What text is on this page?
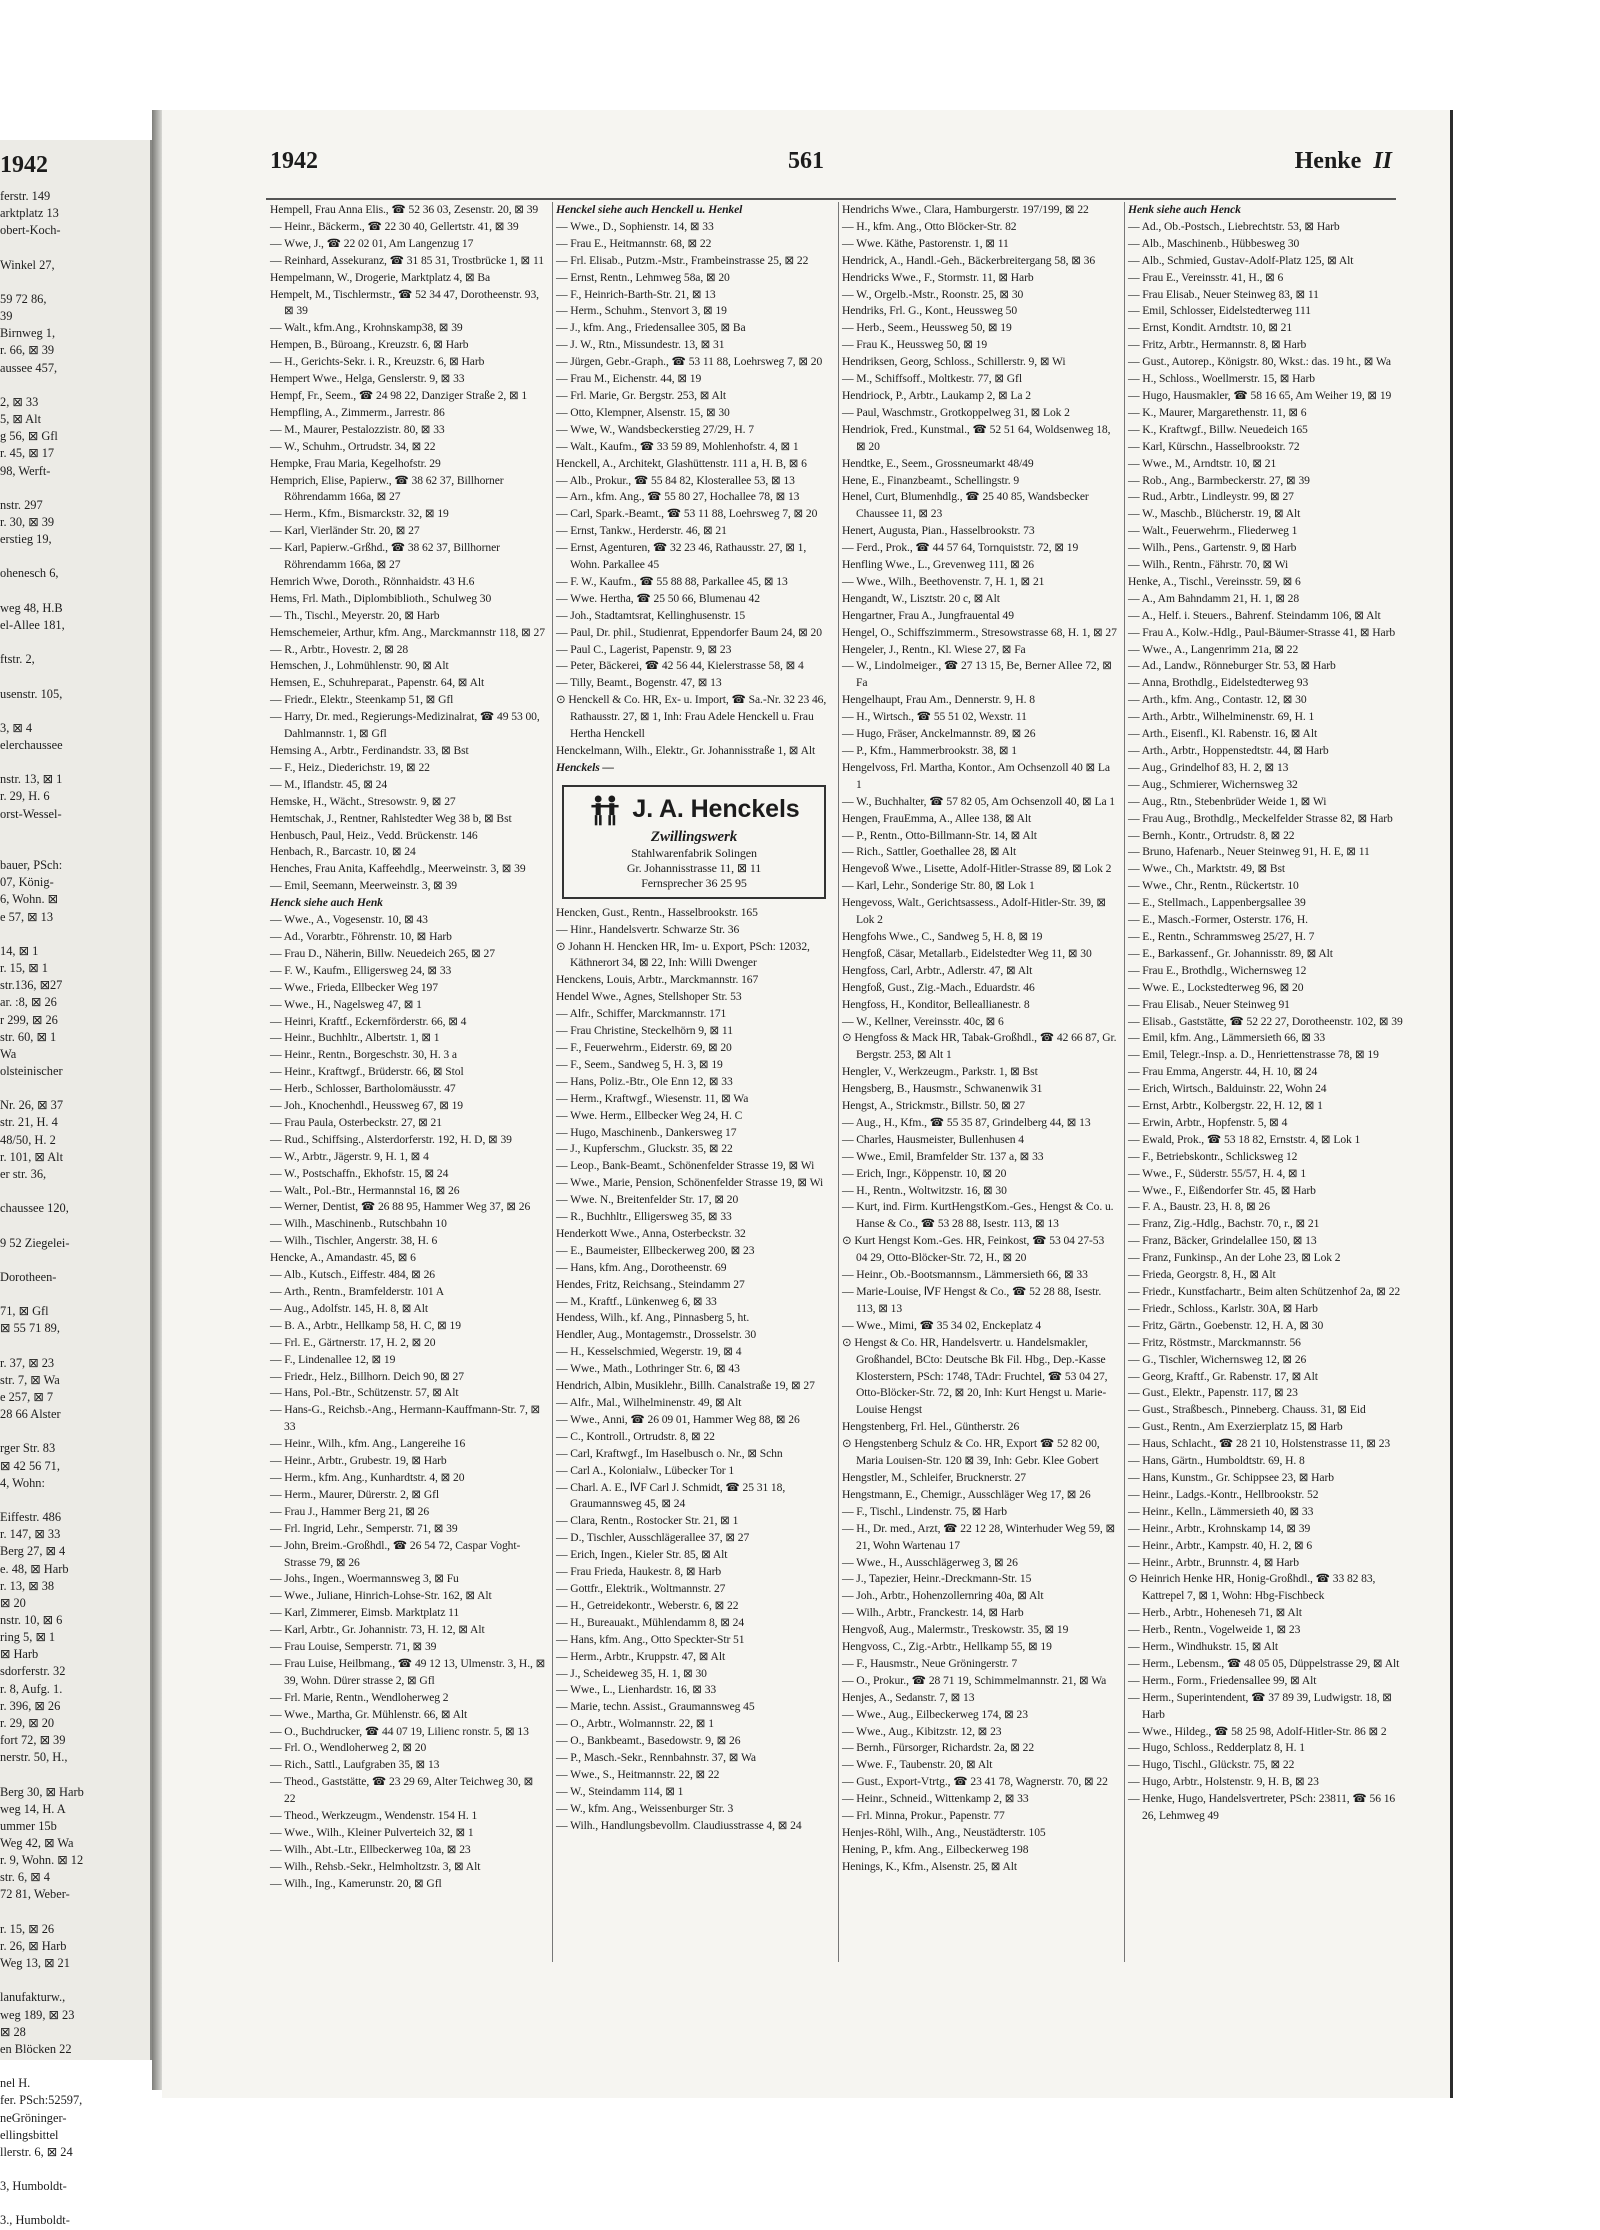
1942
ferstr. 149
arktplatz 13
obert-Koch-

Winkel 27,

59 72 86,
39
Birnweg 1,
r. 66, ⊠ 39
aussee 457,

2, ⊠ 33
5, ⊠ Alt
g 56, ⊠ Gfl
r. 45, ⊠ 17
98, Werft-

nstr. 297
r. 30, ⊠ 39
erstieg 19,

ohenesch 6,

weg 48, H.B
el-Allee 181,

ftstr. 2,

usenstr. 105,

3, ⊠ 4
elerchaussee

nstr. 13, ⊠ 1
r. 29, H. 6
orst-Wessel-

bauer, PSch:
07, König-
6, Wohn. ⊠
e 57, ⊠ 13

14, ⊠ 1
r. 15, ⊠ 1
str.136, ⊠27
ar. :8, ⊠ 26
r 299, ⊠ 26
str. 60, ⊠ 1
Wa
olsteinischer

Nr. 26, ⊠ 37
str. 21, H. 4
48/50, H. 2
r. 101, ⊠ Alt
er str. 36,

chaussee 120,

9 52 Ziegelei-

Dorotheen-

71, ⊠ Gfl
⊠ 55 71 89,

r. 37, ⊠ 23
str. 7, ⊠ Wa
e 257, ⊠ 7
28 66 Alster

rger Str. 83
⊠ 42 56 71,
4, Wohn:

Eiffestr. 486
r. 147, ⊠ 33
Berg 27, ⊠ 4
e. 48, ⊠ Harb
r. 13, ⊠ 38
⊠ 20
nstr. 10, ⊠ 6
ring 5, ⊠ 1
⊠ Harb
sdorferstr. 32
r. 8, Aufg. 1.
r. 396, ⊠ 26
r. 29, ⊠ 20
fort 72, ⊠ 39
nerstr. 50, H.,

Berg 30, ⊠ Harb
weg 14, H. A
ummer 15b
Weg 42, ⊠ Wa
r. 9, Wohn. ⊠ 12
str. 6, ⊠ 4
72 81, Weber-

r. 15, ⊠ 26
r. 26, ⊠ Harb
Weg 13, ⊠ 21

lanufakturw.,
weg 189, ⊠ 23
⊠ 28
en Blöcken 22

nel H.
fer. PSch:52597,
neGröninger-
ellingsbittel
llerstr. 6, ⊠ 24

3, Humboldt-

3., Humboldt-
1942	561	Henke II

Hempell, Frau Anna Elis., ☎ 52 36 03, Zesenstr. 20, ⊠ 39

— Heinr., Bäckerm., ☎ 22 30 40, Gellertstr. 41, ⊠ 39

— Wwe, J., ☎ 22 02 01, Am Langenzug 17

— Reinhard, Assekuranz, ☎ 31 85 31, Trostbrücke 1, ⊠ 11

Hempelmann, W., Drogerie, Marktplatz 4, ⊠ Ba

Hempelt, M., Tischlermstr., ☎ 52 34 47, Dorotheenstr. 93, ⊠ 39

— Walt., kfm.Ang., Krohnskamp38, ⊠ 39

Hempen, B., Büroang., Kreuzstr. 6, ⊠ Harb

— H., Gerichts-Sekr. i. R., Kreuzstr. 6, ⊠ Harb

Hempert Wwe., Helga, Genslerstr. 9, ⊠ 33

Hempf, Fr., Seem., ☎ 24 98 22, Danziger Straße 2, ⊠ 1

Hempfling, A., Zimmerm., Jarrestr. 86

— M., Maurer, Pestalozzistr. 80, ⊠ 33

— W., Schuhm., Ortrudstr. 34, ⊠ 22

Hempke, Frau Maria, Kegelhofstr. 29

Hemprich, Elise, Papierw., ☎ 38 62 37, Billhorner Röhrendamm 166a, ⊠ 27

— Herm., Kfm., Bismarckstr. 32, ⊠ 19

— Karl, Vierländer Str. 20, ⊠ 27

— Karl, Papierw.-Grßhd., ☎ 38 62 37, Billhorner Röhrendamm 166a, ⊠ 27

Hemrich Wwe, Doroth., Rönnhaidstr. 43 H.6

Hems, Frl. Math., Diplombiblioth., Schulweg 30

— Th., Tischl., Meyerstr. 20, ⊠ Harb

Hemschemeier, Arthur, kfm. Ang., Marckmannstr 118, ⊠ 27

— R., Arbtr., Hovestr. 2, ⊠ 28

Hemschen, J., Lohmühlenstr. 90, ⊠ Alt

Hemsen, E., Schuhreparat., Papenstr. 64, ⊠ Alt

— Friedr., Elektr., Steenkamp 51, ⊠ Gfl

— Harry, Dr. med., Regierungs-Medizinalrat, ☎ 49 53 00, Dahlmannstr. 1, ⊠ Gfl

Hemsing A., Arbtr., Ferdinandstr. 33, ⊠ Bst

— F., Heiz., Diederichstr. 19, ⊠ 22

— M., Iflandstr. 45, ⊠ 24

Hemske, H., Wächt., Stresowstr. 9, ⊠ 27

Hemtschak, J., Rentner, Rahlstedter Weg 38 b, ⊠ Bst

Henbusch, Paul, Heiz., Vedd. Brückenstr. 146

Henbach, R., Barcastr. 10, ⊠ 24

Henches, Frau Anita, Kaffeehdlg., Meerweinstr. 3, ⊠ 39

— Emil, Seemann, Meerweinstr. 3, ⊠ 39

Henck siehe auch Henk

— Wwe., A., Vogesenstr. 10, ⊠ 43

— Ad., Vorarbtr., Föhrenstr. 10, ⊠ Harb

— Frau D., Näherin, Billw. Neuedeich 265, ⊠ 27

— F. W., Kaufm., Elligersweg 24, ⊠ 33

— Wwe., Frieda, Ellbecker Weg 197

— Wwe., H., Nagelsweg 47, ⊠ 1

— Heinri, Kraftf., Eckernförderstr. 66, ⊠ 4

— Heinr., Buchhltr., Albertstr. 1, ⊠ 1

— Heinr., Rentn., Borgeschstr. 30, H. 3 a

— Heinr., Kraftwgf., Brüderstr. 66, ⊠ Stol

— Herb., Schlosser, Bartholomäusstr. 47

— Joh., Knochenhdl., Heussweg 67, ⊠ 19

— Frau Paula, Osterbeckstr. 27, ⊠ 21

— Rud., Schiffsing., Alsterdorferstr. 192, H. D, ⊠ 39

— W., Arbtr., Jägerstr. 9, H. 1, ⊠ 4

— W., Postschaffn., Ekhofstr. 15, ⊠ 24

— Walt., Pol.-Btr., Hermannstal 16, ⊠ 26

— Werner, Dentist, ☎ 26 88 95, Hammer Weg 37, ⊠ 26

— Wilh., Maschinenb., Rutschbahn 10

— Wilh., Tischler, Angerstr. 38, H. 6

Hencke, A., Amandastr. 45, ⊠ 6

— Alb., Kutsch., Eiffestr. 484, ⊠ 26

— Arth., Rentn., Bramfelderstr. 101 A

— Aug., Adolfstr. 145, H. 8, ⊠ Alt

— B. A., Arbtr., Hellkamp 58, H. C, ⊠ 19

— Frl. E., Gärtnerstr. 17, H. 2, ⊠ 20

— F., Lindenallee 12, ⊠ 19

— Friedr., Helz., Billhorn. Deich 90, ⊠ 27

— Hans, Pol.-Btr., Schützenstr. 57, ⊠ Alt

— Hans-G., Reichsb.-Ang., Hermann-Kauffmann-Str. 7, ⊠ 33

— Heinr., Wilh., kfm. Ang., Langereihe 16

— Heinr., Arbtr., Grubestr. 19, ⊠ Harb

— Herm., kfm. Ang., Kunhardtstr. 4, ⊠ 20

— Herm., Maurer, Dürerstr. 2, ⊠ Gfl

— Frau J., Hammer Berg 21, ⊠ 26

— Frl. Ingrid, Lehr., Semperstr. 71, ⊠ 39

— John, Breim.-Großhdl., ☎ 26 54 72, Caspar Voght-Strasse 79, ⊠ 26

— Johs., Ingen., Woermannsweg 3, ⊠ Fu

— Wwe., Juliane, Hinrich-Lohse-Str. 162, ⊠ Alt

— Karl, Zimmerer, Eimsb. Marktplatz 11

— Karl, Arbtr., Gr. Johannistr. 73, H. 12, ⊠ Alt

— Frau Louise, Semperstr. 71, ⊠ 39

— Frau Luise, Heilbmang., ☎ 49 12 13, Ulmenstr. 3, H., ⊠ 39, Wohn. Dürer strasse 2, ⊠ Gfl

— Frl. Marie, Rentn., Wendloherweg 2

— Wwe., Martha, Gr. Mühlenstr. 66, ⊠ Alt

— O., Buchdrucker, ☎ 44 07 19, Lilienc ronstr. 5, ⊠ 13

— Frl. O., Wendloherweg 2, ⊠ 20

— Rich., Sattl., Laufgraben 35, ⊠ 13

— Theod., Gaststätte, ☎ 23 29 69, Alter Teichweg 30, ⊠ 22

— Theod., Werkzeugm., Wendenstr. 154 H. 1

— Wwe., Wilh., Kleiner Pulverteich 32, ⊠ 1

— Wilh., Abt.-Ltr., Ellbeckerweg 10a, ⊠ 23

— Wilh., Rehsb.-Sekr., Helmholtzstr. 3, ⊠ Alt

— Wilh., Ing., Kamerunstr. 20, ⊠ Gfl

Henckel siehe auch Henckell u. Henkel

— Wwe., D., Sophienstr. 14, ⊠ 33

— Frau E., Heitmannstr. 68, ⊠ 22

— Frl. Elisab., Putzm.-Mstr., Frambeinstrasse 25, ⊠ 22

— Ernst, Rentn., Lehmweg 58a, ⊠ 20

— F., Heinrich-Barth-Str. 21, ⊠ 13

— Herm., Schuhm., Stenvort 3, ⊠ 19

— J., kfm. Ang., Friedensallee 305, ⊠ Ba

— J. W., Rtn., Missundestr. 13, ⊠ 31

— Jürgen, Gebr.-Graph., ☎ 53 11 88, Loehrsweg 7, ⊠ 20

— Frau M., Eichenstr. 44, ⊠ 19

— Frl. Marie, Gr. Bergstr. 253, ⊠ Alt

— Otto, Klempner, Alsenstr. 15, ⊠ 30

— Wwe, W., Wandsbeckerstieg 27/29, H. 7

— Walt., Kaufm., ☎ 33 59 89, Mohlenhofstr. 4, ⊠ 1

Henckell, A., Architekt, Glashüttenstr. 111 a, H. B, ⊠ 6

— Alb., Prokur., ☎ 55 84 82, Klosterallee 53, ⊠ 13

— Arn., kfm. Ang., ☎ 55 80 27, Hochallee 78, ⊠ 13

— Carl, Spark.-Beamt., ☎ 53 11 88, Loehrsweg 7, ⊠ 20

— Ernst, Tankw., Herderstr. 46, ⊠ 21

— Ernst, Agenturen, ☎ 32 23 46, Rathausstr. 27, ⊠ 1, Wohn. Parkallee 45

— F. W., Kaufm., ☎ 55 88 88, Parkallee 45, ⊠ 13

— Wwe. Hertha, ☎ 25 50 66, Blumenau 42

— Joh., Stadtamtsrat, Kellinghusenstr. 15

— Paul, Dr. phil., Studienrat, Eppendorfer Baum 24, ⊠ 20

— Paul C., Lagerist, Papenstr. 9, ⊠ 23

— Peter, Bäckerei, ☎ 42 56 44, Kielerstrasse 58, ⊠ 4

— Tilly, Beamt., Bogenstr. 47, ⊠ 13

⊙ Henckell & Co. HR, Ex- u. Import, ☎ Sa.-Nr. 32 23 46, Rathausstr. 27, ⊠ 1, Inh: Frau Adele Henckell u. Frau Hertha Henckell

Henckelmann, Wilh., Elektr., Gr. Johannisstraße 1, ⊠ Alt

Henckels —

J. A. Henckels
Zwillingswerk
Stahlwarenfabrik Solingen
Gr. Johannisstrasse 11, ⊠ 11
Fernsprecher 36 25 95

Hencken, Gust., Rentn., Hasselbrookstr. 165

— Hinr., Handelsvertr. Schwarze Str. 36

⊙ Johann H. Hencken HR, Im- u. Export, PSch: 12032, Käthnerort 34, ⊠ 22, Inh: Willi Dwenger

Henckens, Louis, Arbtr., Marckmannstr. 167

Hendel Wwe., Agnes, Stellshoper Str. 53

— Alfr., Schiffer, Marckmannstr. 171

— Frau Christine, Steckelhörn 9, ⊠ 11

— F., Feuerwehrm., Eiderstr. 69, ⊠ 20

— F., Seem., Sandweg 5, H. 3, ⊠ 19

— Hans, Poliz.-Btr., Ole Enn 12, ⊠ 33

— Herm., Kraftwgf., Wiesenstr. 11, ⊠ Wa

— Wwe. Herm., Ellbecker Weg 24, H. C

— Hugo, Maschinenb., Dankersweg 17

— J., Kupferschm., Gluckstr. 35, ⊠ 22

— Leop., Bank-Beamt., Schönenfelder Strasse 19, ⊠ Wi

— Wwe., Marie, Pension, Schönenfelder Strasse 19, ⊠ Wi

— Wwe. N., Breitenfelder Str. 17, ⊠ 20

— R., Buchhltr., Elligersweg 35, ⊠ 33

Henderkott Wwe., Anna, Osterbeckstr. 32

— E., Baumeister, Ellbeckerweg 200, ⊠ 23

— Hans, kfm. Ang., Dorotheenstr. 69

Hendes, Fritz, Reichsang., Steindamm 27

— M., Kraftf., Lünkenweg 6, ⊠ 33

Hendess, Wilh., kf. Ang., Pinnasberg 5, ht.

Hendler, Aug., Montagemstr., Drosselstr. 30

— H., Kesselschmied, Wegerstr. 19, ⊠ 4

— Wwe., Math., Lothringer Str. 6, ⊠ 43

Hendrich, Albin, Musiklehr., Billh. Canalstraße 19, ⊠ 27

— Alfr., Mal., Wilhelminenstr. 49, ⊠ Alt

— Wwe., Anni, ☎ 26 09 01, Hammer Weg 88, ⊠ 26

— C., Kontroll., Ortrudstr. 8, ⊠ 22

— Carl, Kraftwgf., Im Haselbusch o. Nr., ⊠ Schn

— Carl A., Kolonialw., Lübecker Tor 1

— Charl. A. E., ⅣF Carl J. Schmidt, ☎ 25 31 18, Graumannsweg 45, ⊠ 24

— Clara, Rentn., Rostocker Str. 21, ⊠ 1

— D., Tischler, Ausschlägerallee 37, ⊠ 27

— Erich, Ingen., Kieler Str. 85, ⊠ Alt

— Frau Frieda, Haukestr. 8, ⊠ Harb

— Gottfr., Elektrik., Woltmannstr. 27

— H., Getreidekontr., Weberstr. 6, ⊠ 22

— H., Bureauakt., Mühlendamm 8, ⊠ 24

— Hans, kfm. Ang., Otto Speckter-Str 51

— Herm., Arbtr., Kruppstr. 47, ⊠ Alt

— J., Scheideweg 35, H. 1, ⊠ 30

— Wwe., L., Lienhardstr. 16, ⊠ 33

— Marie, techn. Assist., Graumannsweg 45

— O., Arbtr., Wolmannstr. 22, ⊠ 1

— O., Bankbeamt., Basedowstr. 9, ⊠ 26

— P., Masch.-Sekr., Rennbahnstr. 37, ⊠ Wa

— Wwe., S., Heitmannstr. 22, ⊠ 22

— W., Steindamm 114, ⊠ 1

— W., kfm. Ang., Weissenburger Str. 3

— Wilh., Handlungsbevollm. Claudiusstrasse 4, ⊠ 24

Hendrichs Wwe., Clara, Hamburgerstr. 197/199, ⊠ 22

— H., kfm. Ang., Otto Blöcker-Str. 82

— Wwe. Käthe, Pastorenstr. 1, ⊠ 11

Hendrick, A., Handl.-Geh., Bäckerbreitergang 58, ⊠ 36

Hendricks Wwe., F., Stormstr. 11, ⊠ Harb

— W., Orgelb.-Mstr., Roonstr. 25, ⊠ 30

Hendriks, Frl. G., Kont., Heussweg 50

— Herb., Seem., Heussweg 50, ⊠ 19

— Frau K., Heussweg 50, ⊠ 19

Hendriksen, Georg, Schloss., Schillerstr. 9, ⊠ Wi

— M., Schiffsoff., Moltkestr. 77, ⊠ Gfl

Hendriock, P., Arbtr., Laukamp 2, ⊠ La 2

— Paul, Waschmstr., Grotkoppelweg 31, ⊠ Lok 2

Hendriok, Fred., Kunstmal., ☎ 52 51 64, Woldsenweg 18, ⊠ 20

Hendtke, E., Seem., Grossneumarkt 48/49

Hene, E., Finanzbeamt., Schellingstr. 9

Henel, Curt, Blumenhdlg., ☎ 25 40 85, Wandsbecker Chaussee 11, ⊠ 23

Henert, Augusta, Pian., Hasselbrookstr. 73

— Ferd., Prok., ☎ 44 57 64, Tornquiststr. 72, ⊠ 19

Henfling Wwe., L., Grevenweg 111, ⊠ 26

— Wwe., Wilh., Beethovenstr. 7, H. 1, ⊠ 21

Hengandt, W., Lisztstr. 20 c, ⊠ Alt

Hengartner, Frau A., Jungfrauental 49

Hengel, O., Schiffszimmerm., Stresowstrasse 68, H. 1, ⊠ 27

Hengeler, J., Rentn., Kl. Wiese 27, ⊠ Fa

— W., Lindolmeiger., ☎ 27 13 15, Be, Berner Allee 72, ⊠ Fa

Hengelhaupt, Frau Am., Dennerstr. 9, H. 8

— H., Wirtsch., ☎ 55 51 02, Wexstr. 11

— Hugo, Fräser, Anckelmannstr. 89, ⊠ 26

— P., Kfm., Hammerbrookstr. 38, ⊠ 1

Hengelvoss, Frl. Martha, Kontor., Am Ochsenzoll 40 ⊠ La 1

— W., Buchhalter, ☎ 57 82 05, Am Ochsenzoll 40, ⊠ La 1

Hengen, FrauEmma, A., Allee 138, ⊠ Alt

— P., Rentn., Otto-Billmann-Str. 14, ⊠ Alt

— Rich., Sattler, Goethallee 28, ⊠ Alt

Hengevoß Wwe., Lisette, Adolf-Hitler-Strasse 89, ⊠ Lok 2

— Karl, Lehr., Sonderige Str. 80, ⊠ Lok 1

Hengevoss, Walt., Gerichtsassess., Adolf-Hitler-Str. 39, ⊠ Lok 2

Hengfohs Wwe., C., Sandweg 5, H. 8, ⊠ 19

Hengfoß, Cäsar, Metallarb., Eidelstedter Weg 11, ⊠ 30

Hengfoss, Carl, Arbtr., Adlerstr. 47, ⊠ Alt

Hengfoß, Gust., Zig.-Mach., Eduardstr. 46

Hengfoss, H., Konditor, Belleallianestr. 8

— W., Kellner, Vereinsstr. 40c, ⊠ 6

⊙ Hengfoss & Mack HR, Tabak-Großhdl., ☎ 42 66 87, Gr. Bergstr. 253, ⊠ Alt 1

Hengler, V., Werkzeugm., Parkstr. 1, ⊠ Bst

Hengsberg, B., Hausmstr., Schwanenwik 31

Hengst, A., Strickmstr., Billstr. 50, ⊠ 27

— Aug., H., Kfm., ☎ 55 35 87, Grindelberg 44, ⊠ 13

— Charles, Hausmeister, Bullenhusen 4

— Wwe., Emil, Bramfelder Str. 137 a, ⊠ 33

— Erich, Ingr., Köppenstr. 10, ⊠ 20

— H., Rentn., Woltwitzstr. 16, ⊠ 30

— Kurt, ind. Firm. KurtHengstKom.-Ges., Hengst & Co. u. Hanse & Co., ☎ 53 28 88, Isestr. 113, ⊠ 13

⊙ Kurt Hengst Kom.-Ges. HR, Feinkost, ☎ 53 04 27-53 04 29, Otto-Blöcker-Str. 72, H., ⊠ 20

— Heinr., Ob.-Bootsmannsm., Lämmersieth 66, ⊠ 33

— Marie-Louise, ⅣF Hengst & Co., ☎ 52 28 88, Isestr. 113, ⊠ 13

— Wwe., Mimi, ☎ 35 34 02, Enckeplatz 4

⊙ Hengst & Co. HR, Handelsvertr. u. Handelsmakler, Großhandel, BCto: Deutsche Bk Fil. Hbg., Dep.-Kasse Klosterstern, PSch: 1748, TAdr: Fruchtel, ☎ 53 04 27, Otto-Blöcker-Str. 72, ⊠ 20, Inh: Kurt Hengst u. Marie-Louise Hengst

Hengstenberg, Frl. Hel., Güntherstr. 26

⊙ Hengstenberg Schulz & Co. HR, Export ☎ 52 82 00, Maria Louisen-Str. 120 ⊠ 39, Inh: Gebr. Klee Gobert

Hengstler, M., Schleifer, Brucknerstr. 27

Hengstmann, E., Chemigr., Ausschläger Weg 17, ⊠ 26

— F., Tischl., Lindenstr. 75, ⊠ Harb

— H., Dr. med., Arzt, ☎ 22 12 28, Winterhuder Weg 59, ⊠ 21, Wohn Wartenau 17

— Wwe., H., Ausschlägerweg 3, ⊠ 26

— J., Tapezier, Heinr.-Dreckmann-Str. 15

— Joh., Arbtr., Hohenzollernring 40a, ⊠ Alt

— Wilh., Arbtr., Franckestr. 14, ⊠ Harb

Hengvoß, Aug., Malermstr., Treskowstr. 35, ⊠ 19

Hengvoss, C., Zig.-Arbtr., Hellkamp 55, ⊠ 19

— F., Hausmstr., Neue Gröningerstr. 7

— O., Prokur., ☎ 28 71 19, Schimmelmannstr. 21, ⊠ Wa

Henjes, A., Sedanstr. 7, ⊠ 13

— Wwe., Aug., Eilbeckerweg 174, ⊠ 23

— Wwe., Aug., Kibitzstr. 12, ⊠ 23

— Bernh., Fürsorger, Richardstr. 2a, ⊠ 22

— Wwe. F., Taubenstr. 20, ⊠ Alt

— Gust., Export-Vtrtg., ☎ 23 41 78, Wagnerstr. 70, ⊠ 22

— Heinr., Schneid., Wittenkamp 2, ⊠ 33

— Frl. Minna, Prokur., Papenstr. 77

Henjes-Röhl, Wilh., Ang., Neustädterstr. 105

Hening, P., kfm. Ang., Eilbeckerweg 198

Henings, K., Kfm., Alsenstr. 25, ⊠ Alt

Henk siehe auch Henck

— Ad., Ob.-Postsch., Liebrechtstr. 53, ⊠ Harb

— Alb., Maschinenb., Hübbesweg 30

— Alb., Schmied, Gustav-Adolf-Platz 125, ⊠ Alt

— Frau E., Vereinsstr. 41, H., ⊠ 6

— Frau Elisab., Neuer Steinweg 83, ⊠ 11

— Emil, Schlosser, Eidelstedterweg 111

— Ernst, Kondit. Arndtstr. 10, ⊠ 21

— Fritz, Arbtr., Hermannstr. 8, ⊠ Harb

— Gust., Autorep., Königstr. 80, Wkst.: das. 19 ht., ⊠ Wa

— H., Schloss., Woellmerstr. 15, ⊠ Harb

— Hugo, Hausmakler, ☎ 58 16 65, Am Weiher 19, ⊠ 19

— K., Maurer, Margarethenstr. 11, ⊠ 6

— K., Kraftwgf., Billw. Neuedeich 165

— Karl, Kürschn., Hasselbrookstr. 72

— Wwe., M., Arndtstr. 10, ⊠ 21

— Rob., Ang., Barmbeckerstr. 27, ⊠ 39

— Rud., Arbtr., Lindleystr. 99, ⊠ 27

— W., Maschb., Blücherstr. 19, ⊠ Alt

— Walt., Feuerwehrm., Fliederweg 1

— Wilh., Pens., Gartenstr. 9, ⊠ Harb

— Wilh., Rentn., Fährstr. 70, ⊠ Wi

Henke, A., Tischl., Vereinsstr. 59, ⊠ 6

— A., Am Bahndamm 21, H. 1, ⊠ 28

— A., Helf. i. Steuers., Bahrenf. Steindamm 106, ⊠ Alt

— Frau A., Kolw.-Hdlg., Paul-Bäumer-Strasse 41, ⊠ Harb

— Wwe., A., Langenrimm 21a, ⊠ 22

— Ad., Landw., Rönneburger Str. 53, ⊠ Harb

— Anna, Brothdlg., Eidelstedterweg 93

— Arth., kfm. Ang., Contastr. 12, ⊠ 30

— Arth., Arbtr., Wilhelminenstr. 69, H. 1

— Arth., Eisenfl., Kl. Rabenstr. 16, ⊠ Alt

— Arth., Arbtr., Hoppenstedtstr. 44, ⊠ Harb

— Aug., Grindelhof 83, H. 2, ⊠ 13

— Aug., Schmierer, Wichernsweg 32

— Aug., Rtn., Stebenbrüder Weide 1, ⊠ Wi

— Frau Aug., Brothdlg., Meckelfelder Strasse 82, ⊠ Harb

— Bernh., Kontr., Ortrudstr. 8, ⊠ 22

— Bruno, Hafenarb., Neuer Steinweg 91, H. E, ⊠ 11

— Wwe., Ch., Marktstr. 49, ⊠ Bst

— Wwe., Chr., Rentn., Rückertstr. 10

— E., Stellmach., Lappenbergsallee 39

— E., Masch.-Former, Osterstr. 176, H.

— E., Rentn., Schrammsweg 25/27, H. 7

— E., Barkassenf., Gr. Johannisstr. 89, ⊠ Alt

— Frau E., Brothdlg., Wichernsweg 12

— Wwe. E., Lockstedterweg 96, ⊠ 20

— Frau Elisab., Neuer Steinweg 91

— Elisab., Gaststätte, ☎ 52 22 27, Dorotheenstr. 102, ⊠ 39

— Emil, kfm. Ang., Lämmersieth 66, ⊠ 33

— Emil, Telegr.-Insp. a. D., Henriettenstrasse 78, ⊠ 19

— Frau Emma, Angerstr. 44, H. 10, ⊠ 24

— Erich, Wirtsch., Balduinstr. 22, Wohn 24

— Ernst, Arbtr., Kolbergstr. 22, H. 12, ⊠ 1

— Erwin, Arbtr., Hopfenstr. 5, ⊠ 4

— Ewald, Prok., ☎ 53 18 82, Ernststr. 4, ⊠ Lok 1

— F., Betriebskontr., Schlicksweg 12

— Wwe., F., Süderstr. 55/57, H. 4, ⊠ 1

— Wwe., F., Eißendorfer Str. 45, ⊠ Harb

— F. A., Baustr. 23, H. 8, ⊠ 26

— Franz, Zig.-Hdlg., Bachstr. 70, r., ⊠ 21

— Franz, Bäcker, Grindelallee 150, ⊠ 13

— Franz, Funkinsp., An der Lohe 23, ⊠ Lok 2

— Frieda, Georgstr. 8, H., ⊠ Alt

— Friedr., Kunstfachartr., Beim alten Schützenhof 2a, ⊠ 22

— Friedr., Schloss., Karlstr. 30A, ⊠ Harb

— Fritz, Gärtn., Goebenstr. 12, H. A, ⊠ 30

— Fritz, Röstmstr., Marckmannstr. 56

— G., Tischler, Wichernsweg 12, ⊠ 26

— Georg, Kraftf., Gr. Rabenstr. 17, ⊠ Alt

— Gust., Elektr., Papenstr. 117, ⊠ 23

— Gust., Straßbesch., Pinneberg. Chauss. 31, ⊠ Eid

— Gust., Rentn., Am Exerzierplatz 15, ⊠ Harb

— Haus, Schlacht., ☎ 28 21 10, Holstenstrasse 11, ⊠ 23

— Hans, Gärtn., Humboldtstr. 69, H. 8

— Hans, Kunstm., Gr. Schippsee 23, ⊠ Harb

— Heinr., Ladgs.-Kontr., Hellbrookstr. 52

— Heinr., Kelln., Lämmersieth 40, ⊠ 33

— Heinr., Arbtr., Krohnskamp 14, ⊠ 39

— Heinr., Arbtr., Kampstr. 40, H. 2, ⊠ 6

— Heinr., Arbtr., Brunnstr. 4, ⊠ Harb

⊙ Heinrich Henke HR, Honig-Großhdl., ☎ 33 82 83, Kattrepel 7, ⊠ 1, Wohn: Hbg-Fischbeck

— Herb., Arbtr., Hoheneseh 71, ⊠ Alt

— Herb., Rentn., Vogelweide 1, ⊠ 23

— Herm., Windhukstr. 15, ⊠ Alt

— Herm., Lebensm., ☎ 48 05 05, Düppelstrasse 29, ⊠ Alt

— Herm., Form., Friedensallee 99, ⊠ Alt

— Herm., Superintendent, ☎ 37 89 39, Ludwigstr. 18, ⊠ Harb

— Wwe., Hildeg., ☎ 58 25 98, Adolf-Hitler-Str. 86 ⊠ 2

— Hugo, Schloss., Redderplatz 8, H. 1

— Hugo, Tischl., Glückstr. 75, ⊠ 22

— Hugo, Arbtr., Holstenstr. 9, H. B, ⊠ 23

— Henke, Hugo, Handelsvertreter, PSch: 23811, ☎ 56 16 26, Lehmweg 49
